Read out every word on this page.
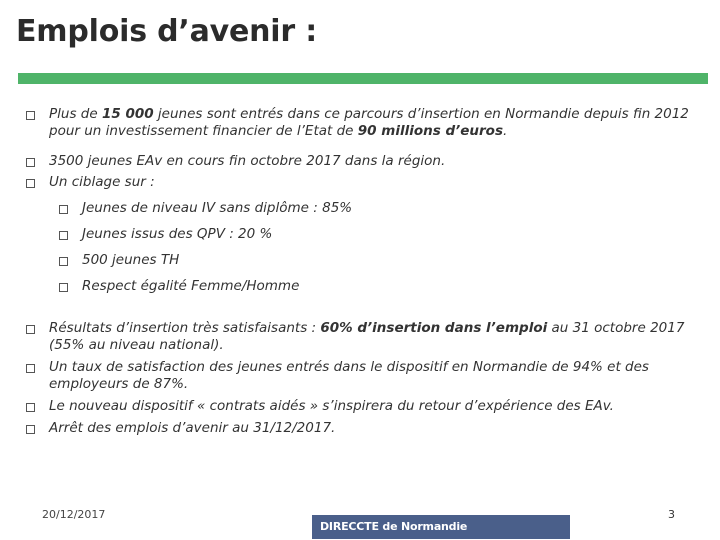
Emplois d’avenir :
Plus de 15 000 jeunes sont entrés dans ce parcours d’insertion en Normandie depuis fin 2012 pour un investissement financier de l’Etat de 90 millions d’euros.
3500 jeunes EAv en cours fin octobre 2017 dans la région.
Un ciblage sur :
Jeunes de niveau IV sans diplôme : 85%
Jeunes issus des QPV : 20 %
500 jeunes TH
Respect égalité Femme/Homme
Résultats d’insertion très satisfaisants : 60% d’insertion dans l’emploi au 31 octobre 2017 (55% au niveau national).
Un taux de satisfaction des jeunes entrés dans le dispositif en Normandie de 94% et des employeurs de 87%.
Le nouveau dispositif « contrats aidés » s’inspirera du retour d’expérience des EAv.
Arrêt des emplois d’avenir au 31/12/2017.
20/12/2017
DIRECCTE de Normandie
3
